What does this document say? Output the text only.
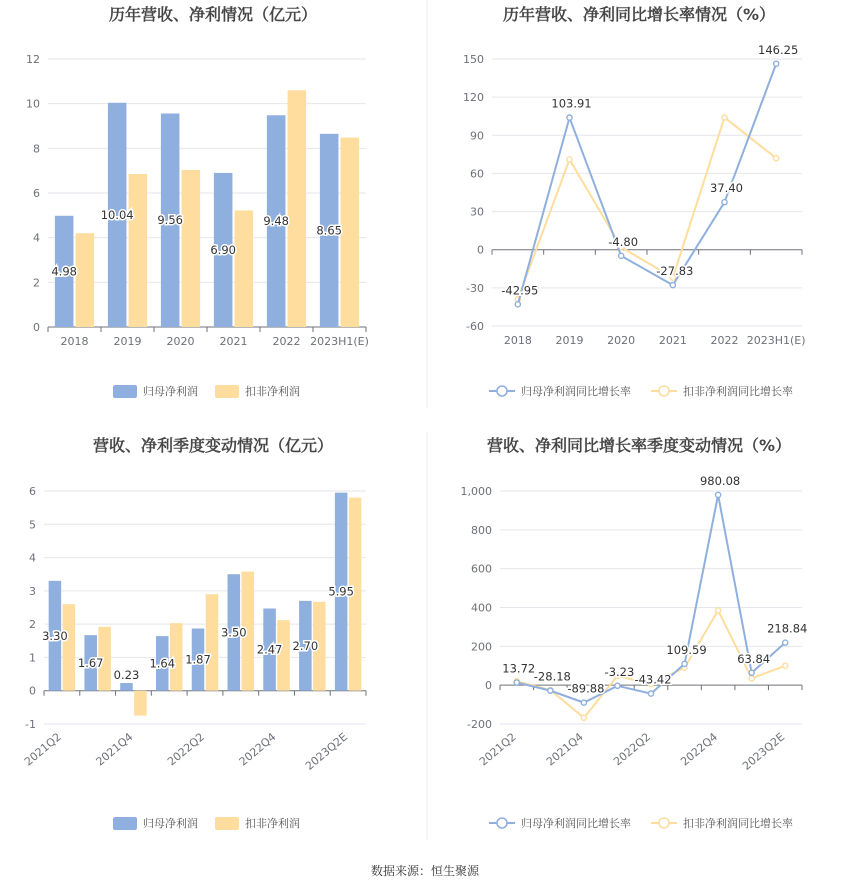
历年营收、净利情况（亿元）
0
2
4
6
8
10
12
2018 2019 2020 2021 2022 2023H1(E)
4.98
10.04 9.56
6.90
9.48
8.65
归母净利润	扣非净利润
历年营收、净利同比增长率情况（%）
-60
-30
0
30
60
90
120
150
2018 2019 2020 2021 2022 2023H1(E)
-42.95
103.91
-4.80
-27.83
37.40
146.25
归母净利润同比增长率	扣非净利润同比增长率
营收、净利季度变动情况（亿元）
-1
0
1
2
3
4
5
6
2021Q2	2021Q4	2022Q2	2022Q4 2023Q2E
3.30
1.67
0.23
1.64 1.87
3.50
2.47 2.70
5.95
归母净利润	扣非净利润
营收、净利同比增长率季度变动情况（%）
-200
0
200
400
600
800
1,000
2021Q2 2021Q4 2022Q2 2022Q4 2023Q2E
13.72
-28.18
-89.88
-3.23
-43.42
109.59
980.08
63.84
218.84
归母净利润同比增长率	扣非净利润同比增长率
数据来源：恒生聚源
